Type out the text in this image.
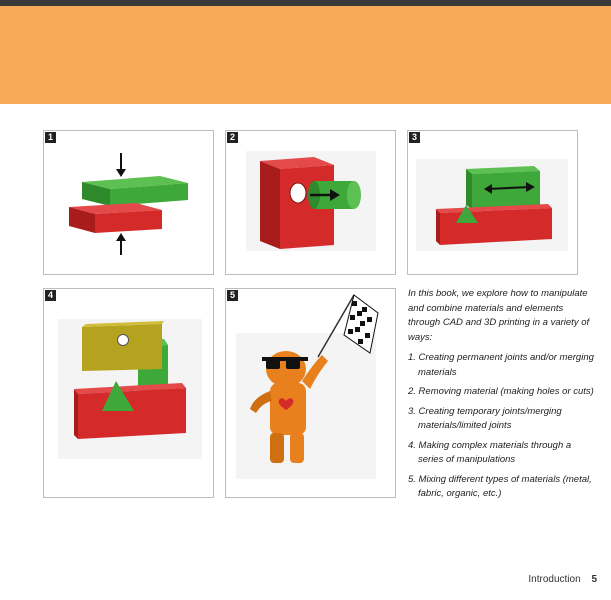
1	2	3
4	5	In this book, we explore how to manipulate and combine materials and elements through CAD and 3D printing in a variety of ways:

1. Creating permanent joints and/or merging materials
2. Removing material (making holes or cuts)
3. Creating temporary joints/merging materials/limited joints
4. Making complex materials through a series of manipulations
5. Mixing different types of materials (metal, fabric, organic, etc.)
Introduction 5
